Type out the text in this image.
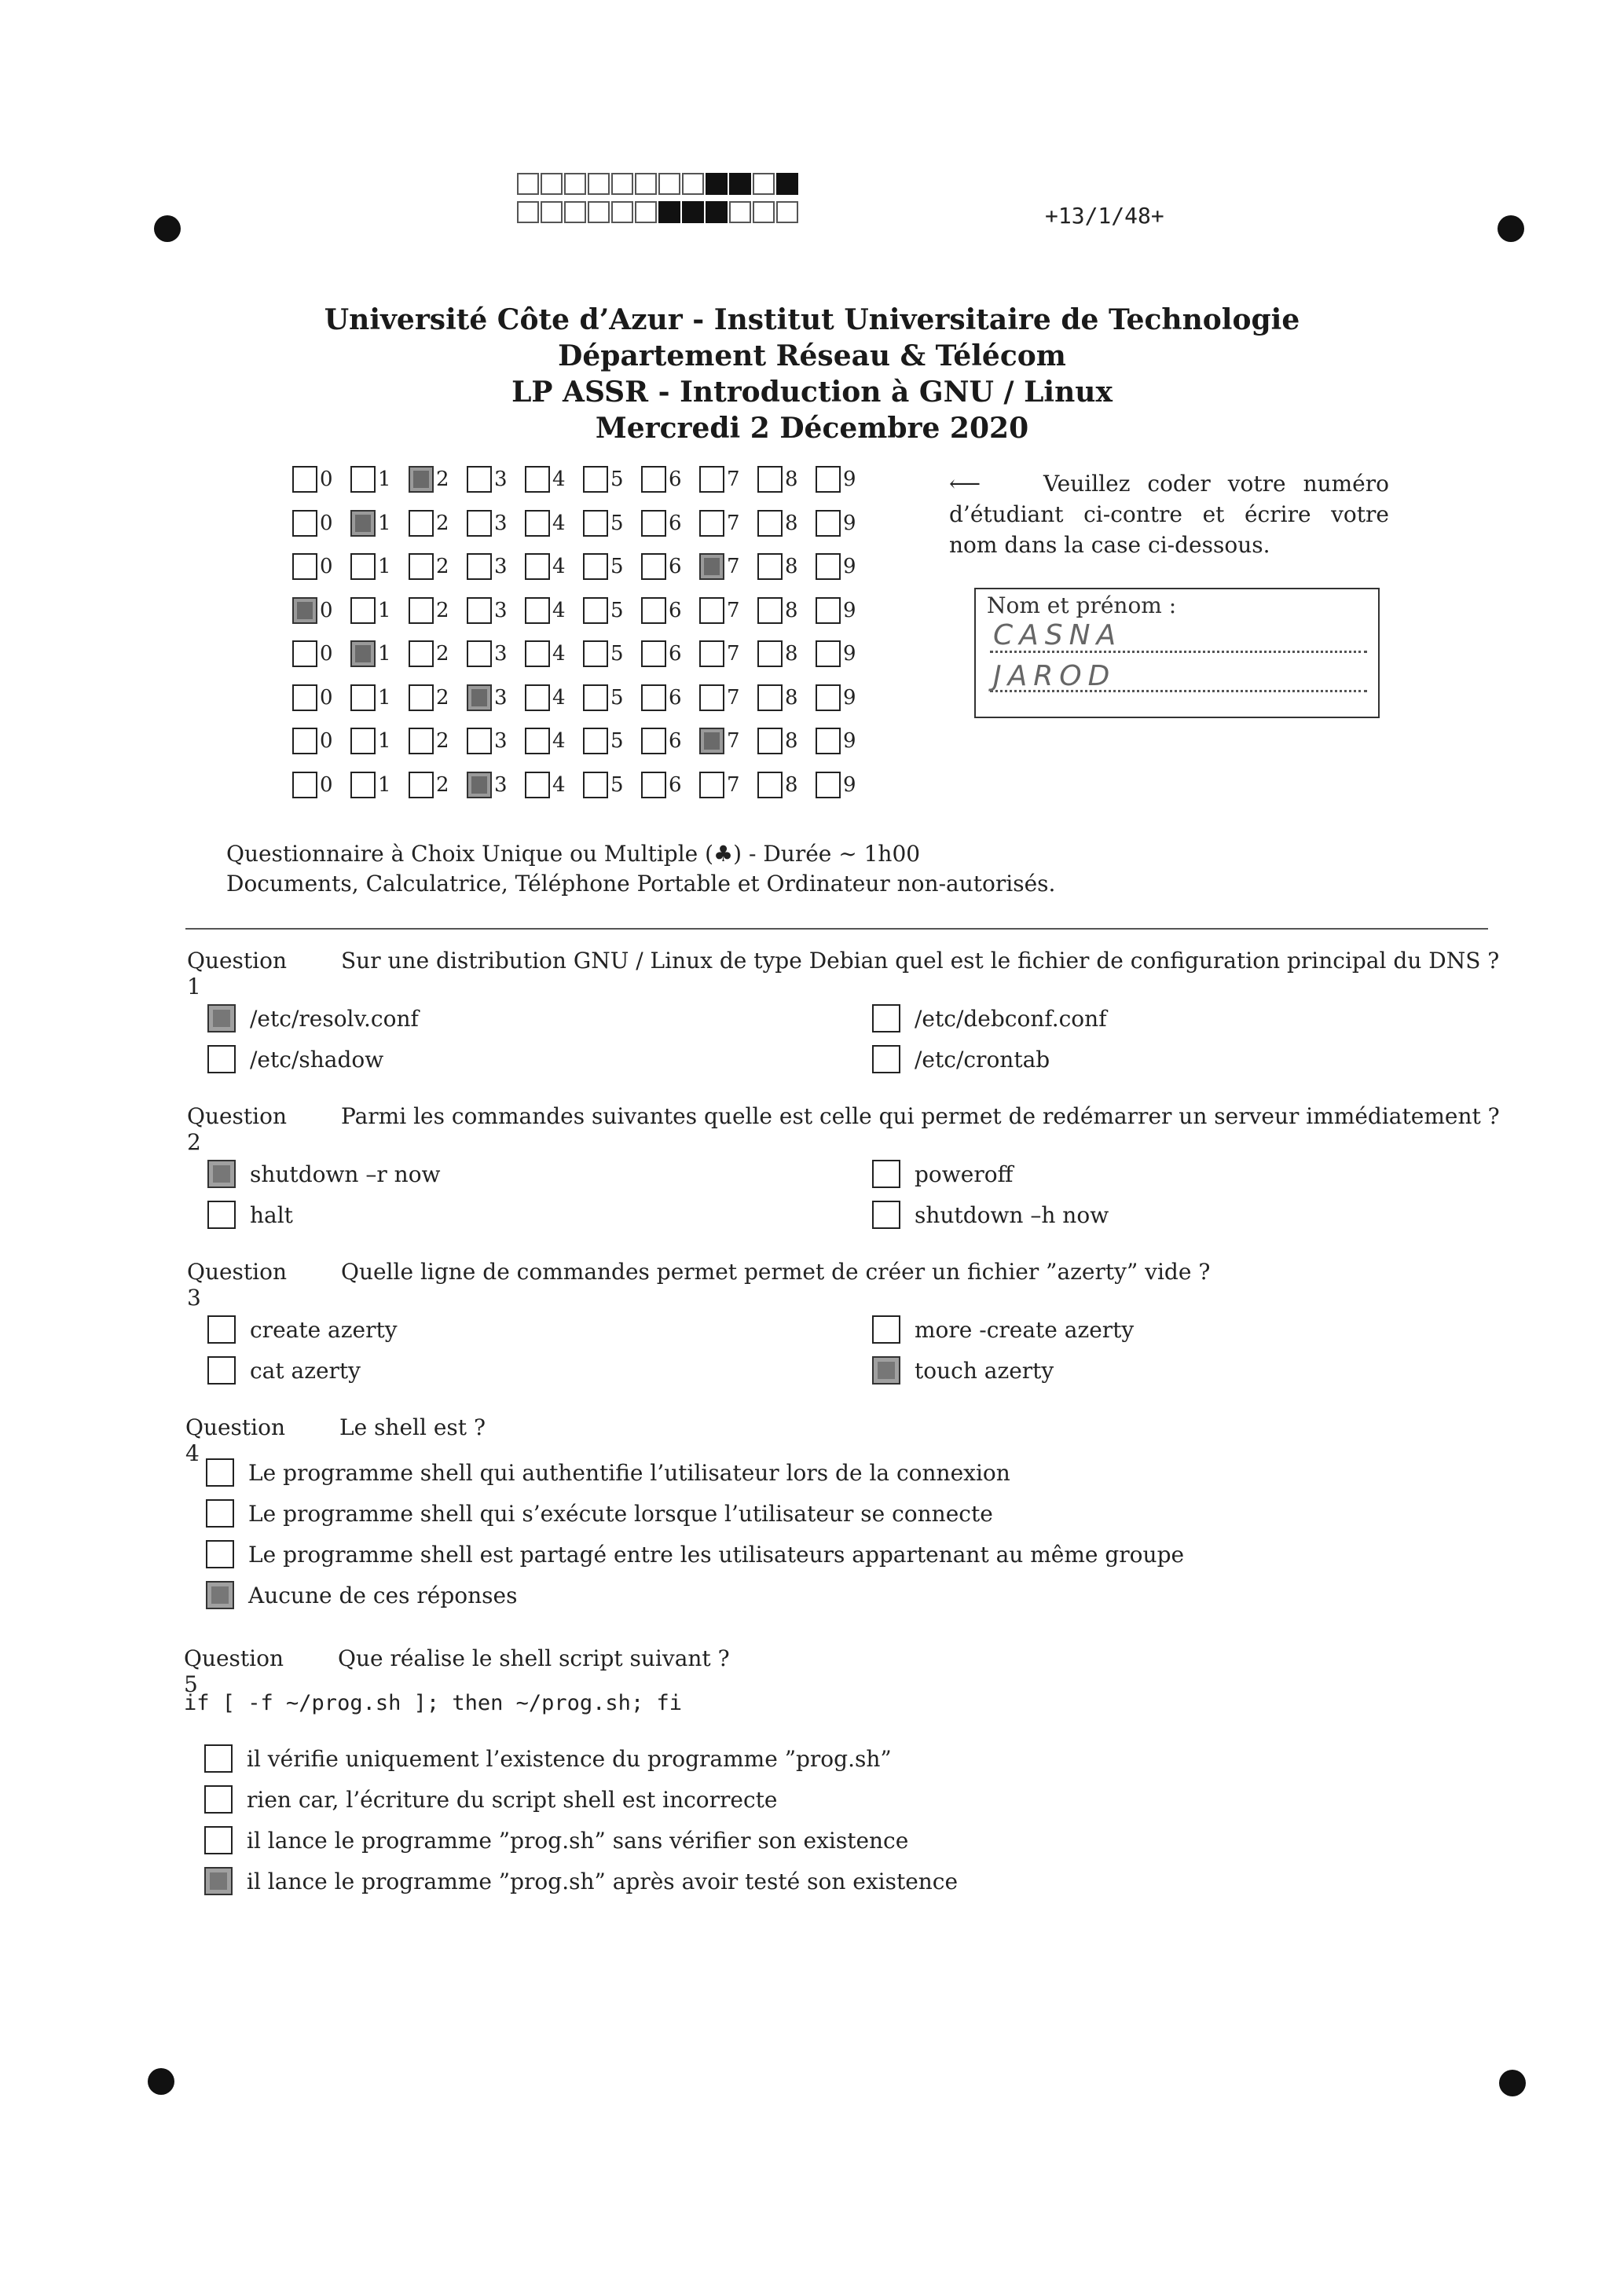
+13/1/48+
Université Côte d’Azur - Institut Universitaire de Technologie
Département Réseau & Télécom
LP ASSR - Introduction à GNU / Linux
Mercredi 2 Décembre 2020
0 1 2 3 4 5 6 7 8 9
0 1 2 3 4 5 6 7 8 9
0 1 2 3 4 5 6 7 8 9
0 1 2 3 4 5 6 7 8 9
0 1 2 3 4 5 6 7 8 9
0 1 2 3 4 5 6 7 8 9
0 1 2 3 4 5 6 7 8 9
0 1 2 3 4 5 6 7 8 9
⟵	Veuillez coder votre numéro d’étudiant ci-contre et écrire votre nom dans la case ci-dessous.
Nom et prénom :
CASNA
JAROD
Questionnaire à Choix Unique ou Multiple (♣) - Durée ∼ 1h00
Documents, Calculatrice, Téléphone Portable et Ordinateur non-autorisés.
Question 1
Sur une distribution GNU / Linux de type Debian quel est le fichier de configuration principal du DNS ?
/etc/resolv.conf	/etc/debconf.conf
/etc/shadow	/etc/crontab
Question 2
Parmi les commandes suivantes quelle est celle qui permet de redémarrer un serveur immédiatement ?
shutdown –r now	poweroff
halt	shutdown –h now
Question 3
Quelle ligne de commandes permet permet de créer un fichier ”azerty” vide ?
create azerty	more -create azerty
cat azerty	touch azerty
Question 4
Le shell est ?
Le programme shell qui authentifie l’utilisateur lors de la connexion
Le programme shell qui s’exécute lorsque l’utilisateur se connecte
Le programme shell est partagé entre les utilisateurs appartenant au même groupe
Aucune de ces réponses
Question 5
Que réalise le shell script suivant ?
if [ -f ~/prog.sh ]; then ~/prog.sh; fi
il vérifie uniquement l’existence du programme ”prog.sh”
rien car, l’écriture du script shell est incorrecte
il lance le programme ”prog.sh” sans vérifier son existence
il lance le programme ”prog.sh” après avoir testé son existence
